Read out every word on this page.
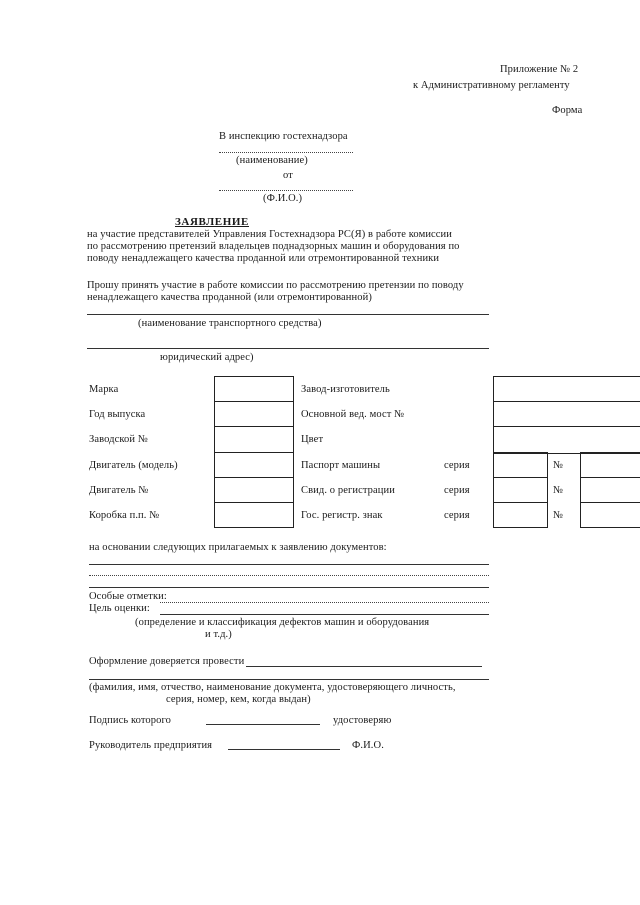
Приложение № 2
к Административному регламенту
Форма
В инспекцию гостехнадзора
(наименование)
от
(Ф.И.О.)
ЗАЯВЛЕНИЕ
на участие представителей Управления Гостехнадзора РС(Я) в работе комиссии
по рассмотрению претензий владельцев поднадзорных машин и оборудования по
поводу ненадлежащего качества проданной или отремонтированной техники
Прошу принять участие в работе комиссии по рассмотрению претензии по поводу
ненадлежащего качества проданной (или отремонтированной)
(наименование транспортного средства)
юридический адрес)
Марка
Год выпуска
Заводской №
Двигатель (модель)
Двигатель №
Коробка п.п. №
Завод-изготовитель
Основной вед. мост №
Цвет
Паспорт машины
Свид. о регистрации
Гос. регистр. знак
серия
серия
серия
№
№
№
на основании следующих прилагаемых к заявлению документов:
Особые отметки:
Цель оценки:
(определение и классификация дефектов машин и оборудования
и т.д.)
Оформление доверяется провести
(фамилия, имя, отчество, наименование документа, удостоверяющего личность,
серия, номер, кем, когда выдан)
Подпись которого	удостоверяю
Руководитель предприятия	Ф.И.О.
